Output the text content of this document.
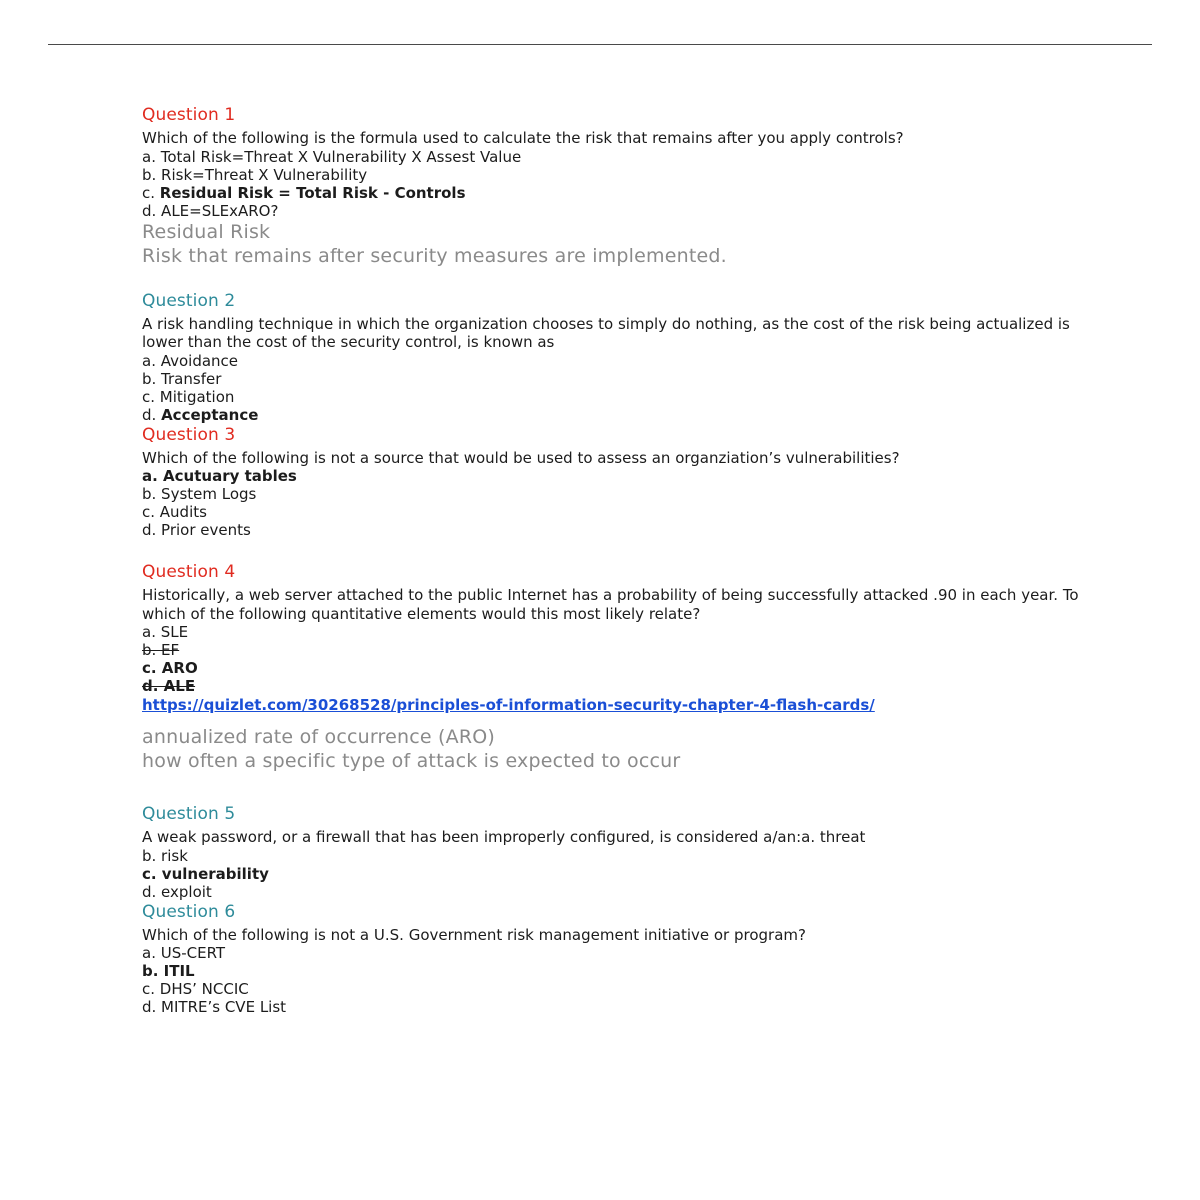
Question 1

Which of the following is the formula used to calculate the risk that remains after you apply controls?

a. Total Risk=Threat X Vulnerability X Assest Value

b. Risk=Threat X Vulnerability

c. Residual Risk = Total Risk - Controls

d. ALE=SLExARO?

Residual Risk

Risk that remains after security measures are implemented.

Question 2

A risk handling technique in which the organization chooses to simply do nothing, as the cost of the risk being actualized is lower than the cost of the security control, is known as

a. Avoidance

b. Transfer

c. Mitigation

d. Acceptance

Question 3

Which of the following is not a source that would be used to assess an organziation’s vulnerabilities?

a. Acutuary tables

b. System Logs

c. Audits

d. Prior events

Question 4

Historically, a web server attached to the public Internet has a probability of being successfully attacked .90 in each year. To which of the following quantitative elements would this most likely relate?

a. SLE

b. EF

c. ARO

d. ALE

https://quizlet.com/30268528/principles-of-information-security-chapter-4-flash-cards/

annualized rate of occurrence (ARO)

how often a specific type of attack is expected to occur

Question 5

A weak password, or a firewall that has been improperly configured, is considered a/an:a. threat

b. risk

c. vulnerability

d. exploit

Question 6

Which of the following is not a U.S. Government risk management initiative or program?

a. US-CERT

b. ITIL

c. DHS’ NCCIC

d. MITRE’s CVE List
